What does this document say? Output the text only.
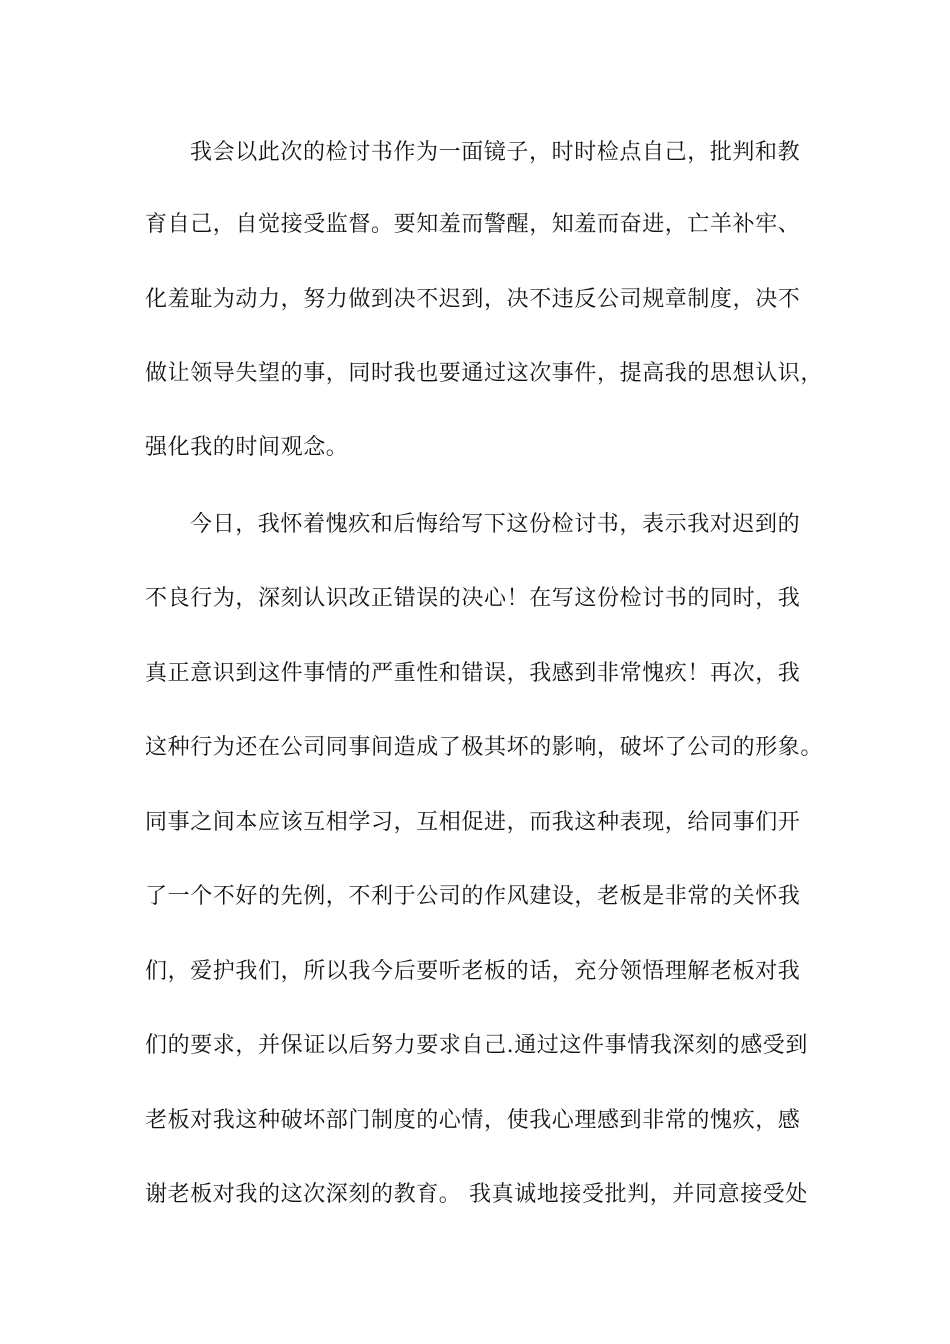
我会以此次的检讨书作为一面镜子，时时检点自己，批判和教
育自己，自觉接受监督。要知羞而警醒，知羞而奋进，亡羊补牢、
化羞耻为动力，努力做到决不迟到，决不违反公司规章制度，决不
做让领导失望的事，同时我也要通过这次事件，提高我的思想认识，
强化我的时间观念。
今日，我怀着愧疚和后悔给写下这份检讨书，表示我对迟到的
不良行为，深刻认识改正错误的决心！在写这份检讨书的同时，我
真正意识到这件事情的严重性和错误，我感到非常愧疚！再次，我
这种行为还在公司同事间造成了极其坏的影响，破坏了公司的形象。
同事之间本应该互相学习，互相促进，而我这种表现，给同事们开
了一个不好的先例，不利于公司的作风建设，老板是非常的关怀我
们，爱护我们，所以我今后要听老板的话，充分领悟理解老板对我
们的要求，并保证以后努力要求自己.通过这件事情我深刻的感受到
老板对我这种破坏部门制度的心情，使我心理感到非常的愧疚，感
谢老板对我的这次深刻的教育。 我真诚地接受批判，并同意接受处
